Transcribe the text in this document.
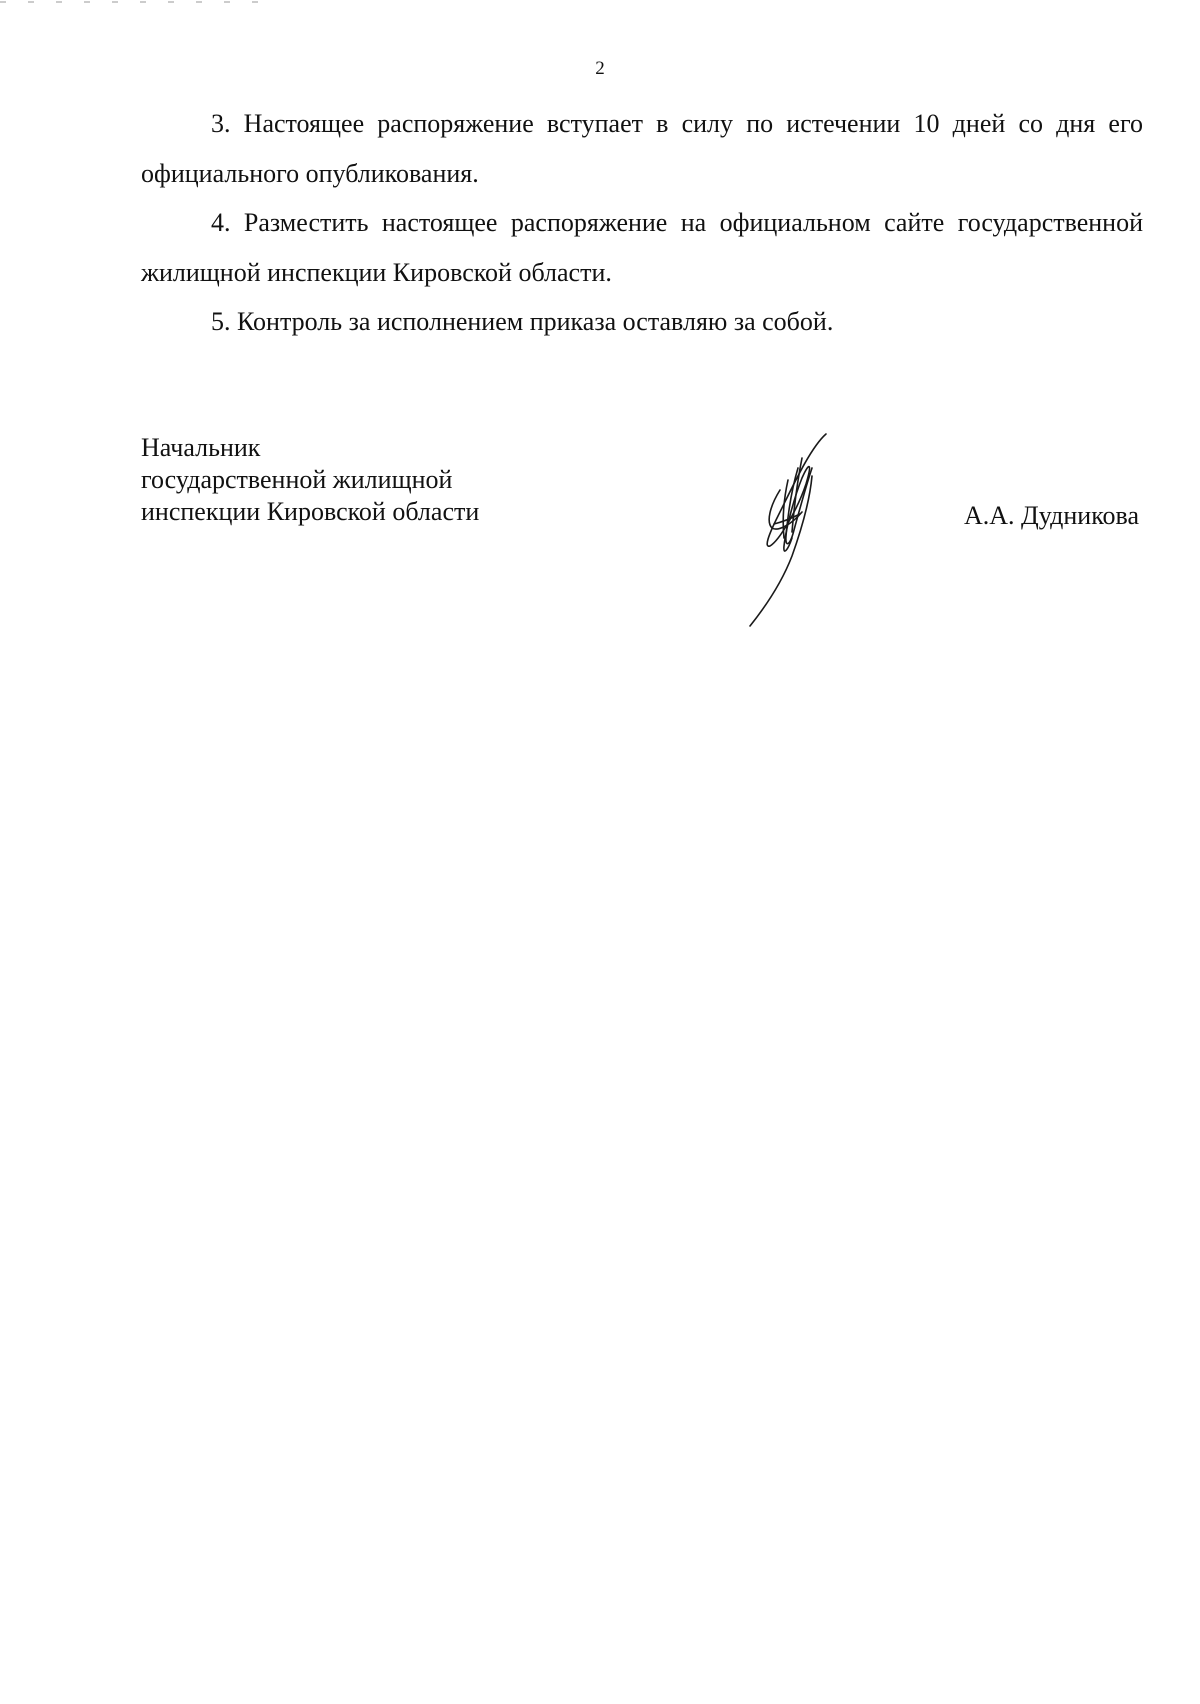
2

3. Настоящее распоряжение вступает в силу по истечении 10 дней со дня его официального опубликования.

4. Разместить настоящее распоряжение на официальном сайте государственной жилищной инспекции Кировской области.

5. Контроль за исполнением приказа оставляю за собой.

Начальник
государственной жилищной
инспекции Кировской области	А.А. Дудникова
